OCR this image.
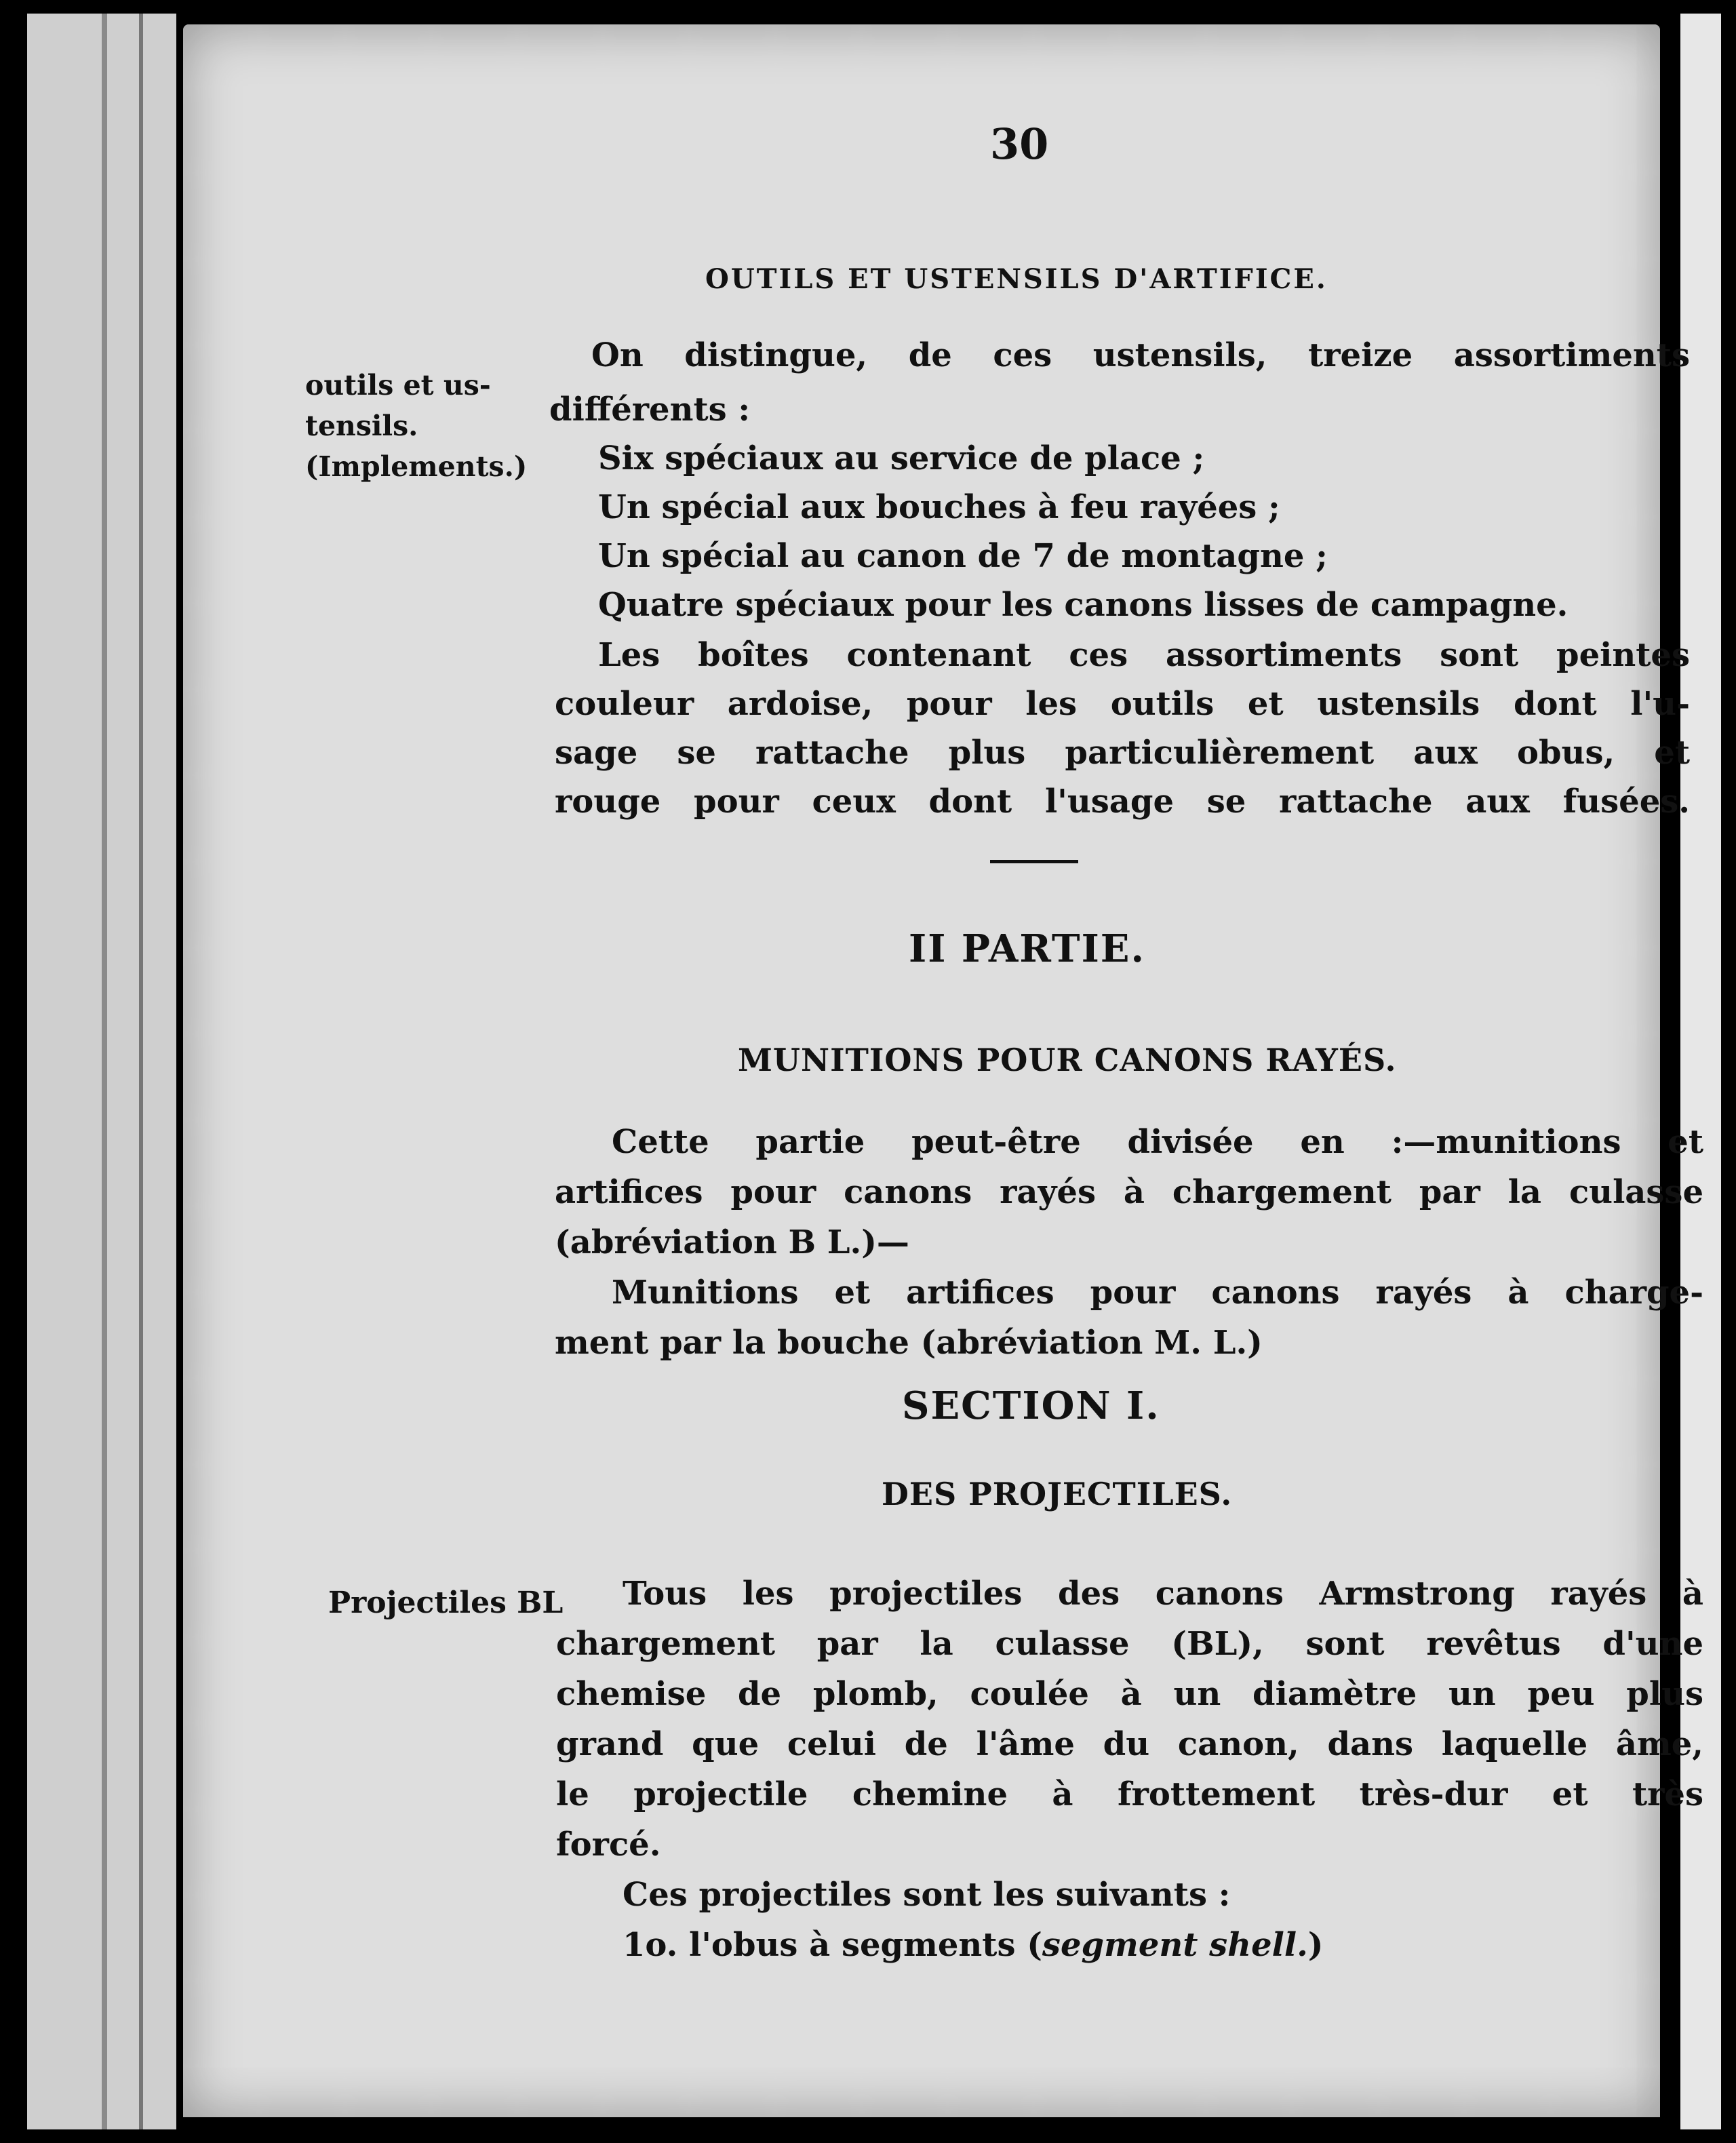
30
OUTILS ET USTENSILS D'ARTIFICE.
outils et us-
tensils.
(Implements.)
On distingue, de ces ustensils, treize assortiments
différents :
Six spéciaux au service de place ;
Un spécial aux bouches à feu rayées ;
Un spécial au canon de 7 de montagne ;
Quatre spéciaux pour les canons lisses de campagne.
Les boîtes contenant ces assortiments sont peintes
couleur ardoise, pour les outils et ustensils dont l'u-
sage se rattache plus particulièrement aux obus, et
rouge pour ceux dont l'usage se rattache aux fusées.
II PARTIE.
MUNITIONS POUR CANONS RAYÉS.
Cette partie peut-être divisée en :—munitions et
artifices pour canons rayés à chargement par la culasse
(abréviation B L.)—
Munitions et artifices pour canons rayés à charge-
ment par la bouche (abréviation M. L.)
SECTION I.
DES PROJECTILES.
Projectiles BL Tous les projectiles des canons Armstrong rayés à
chargement par la culasse (BL), sont revêtus d'une
chemise de plomb, coulée à un diamètre un peu plus
grand que celui de l'âme du canon, dans laquelle âme,
le projectile chemine à frottement très-dur et très
forcé.
Ces projectiles sont les suivants :
1o. l'obus à segments (segment shell.)
